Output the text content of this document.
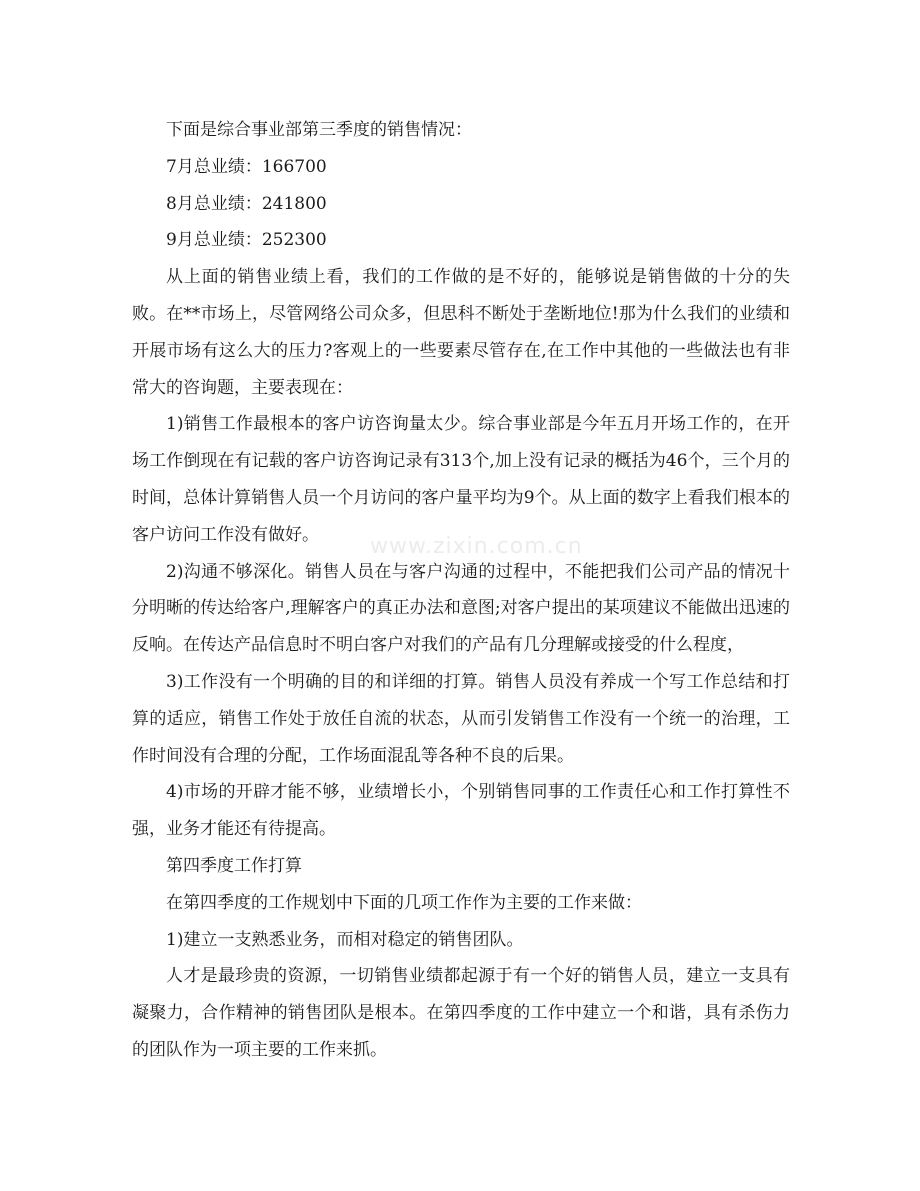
www.zixin.com.cn

下面是综合事业部第三季度的销售情况：

7月总业绩：166700

8月总业绩：241800

9月总业绩：252300

从上面的销售业绩上看，我们的工作做的是不好的，能够说是销售做的十分的失败。在**市场上，尽管网络公司众多，但思科不断处于垄断地位!那为什么我们的业绩和开展市场有这么大的压力?客观上的一些要素尽管存在,在工作中其他的一些做法也有非常大的咨询题，主要表现在：

1)销售工作最根本的客户访咨询量太少。综合事业部是今年五月开场工作的，在开场工作倒现在有记载的客户访咨询记录有313个,加上没有记录的概括为46个，三个月的时间，总体计算销售人员一个月访问的客户量平均为9个。从上面的数字上看我们根本的客户访问工作没有做好。

2)沟通不够深化。销售人员在与客户沟通的过程中，不能把我们公司产品的情况十分明晰的传达给客户,理解客户的真正办法和意图;对客户提出的某项建议不能做出迅速的反响。在传达产品信息时不明白客户对我们的产品有几分理解或接受的什么程度，

3)工作没有一个明确的目的和详细的打算。销售人员没有养成一个写工作总结和打算的适应，销售工作处于放任自流的状态，从而引发销售工作没有一个统一的治理，工作时间没有合理的分配，工作场面混乱等各种不良的后果。

4)市场的开辟才能不够，业绩增长小，个别销售同事的工作责任心和工作打算性不强，业务才能还有待提高。

第四季度工作打算

在第四季度的工作规划中下面的几项工作作为主要的工作来做：

1)建立一支熟悉业务，而相对稳定的销售团队。

人才是最珍贵的资源，一切销售业绩都起源于有一个好的销售人员，建立一支具有凝聚力，合作精神的销售团队是根本。在第四季度的工作中建立一个和谐，具有杀伤力的团队作为一项主要的工作来抓。
